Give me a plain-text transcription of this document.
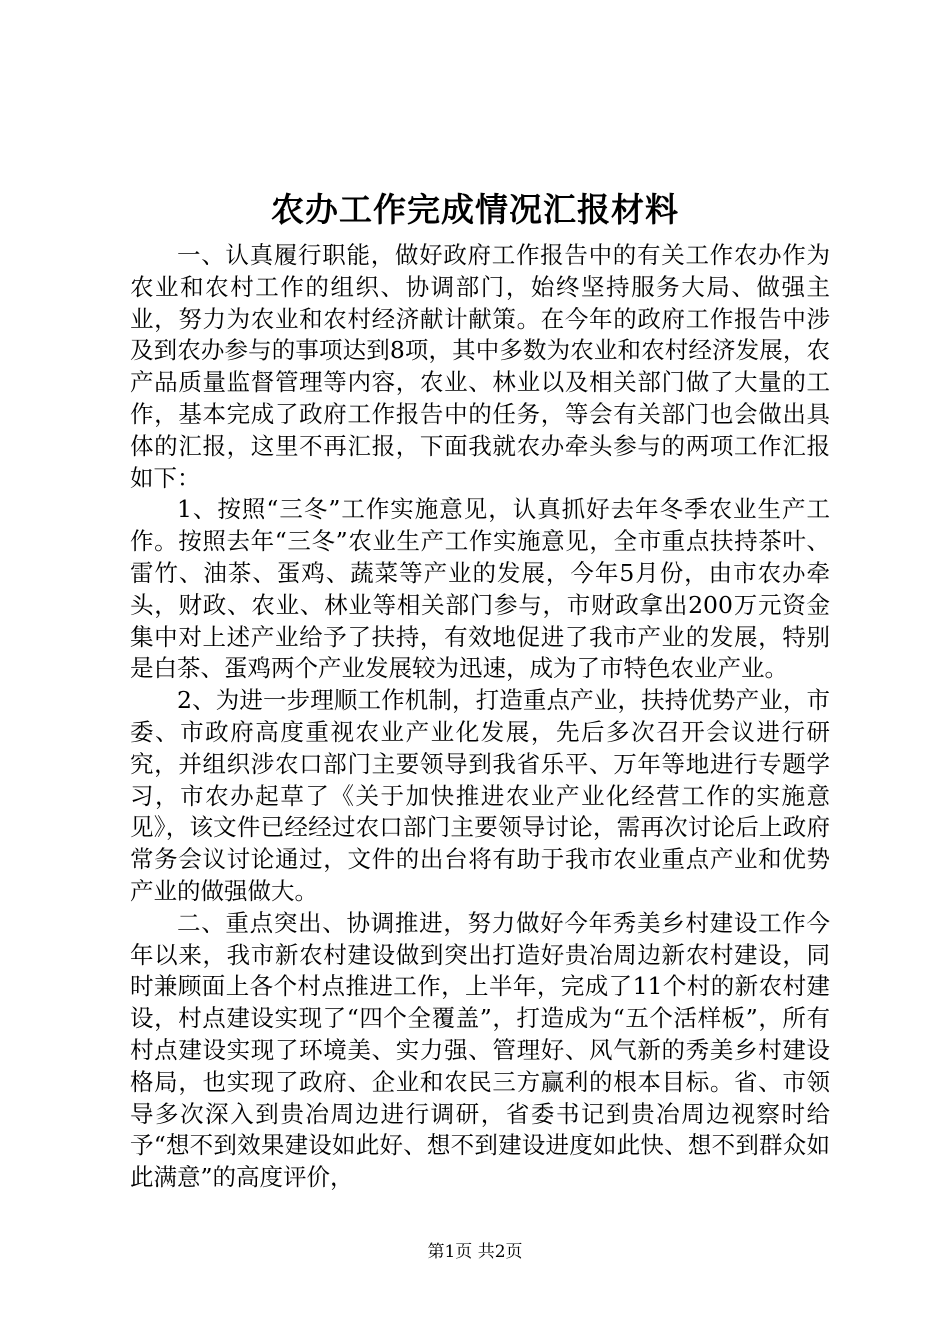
农办工作完成情况汇报材料

一、认真履行职能，做好政府工作报告中的有关工作农办作为农业和农村工作的组织、协调部门，始终坚持服务大局、做强主业，努力为农业和农村经济献计献策。在今年的政府工作报告中涉及到农办参与的事项达到8项，其中多数为农业和农村经济发展，农产品质量监督管理等内容，农业、林业以及相关部门做了大量的工作，基本完成了政府工作报告中的任务，等会有关部门也会做出具体的汇报，这里不再汇报，下面我就农办牵头参与的两项工作汇报如下：

1、按照“三冬”工作实施意见，认真抓好去年冬季农业生产工作。按照去年“三冬”农业生产工作实施意见，全市重点扶持茶叶、雷竹、油茶、蛋鸡、蔬菜等产业的发展，今年5月份，由市农办牵头，财政、农业、林业等相关部门参与，市财政拿出200万元资金集中对上述产业给予了扶持，有效地促进了我市产业的发展，特别是白茶、蛋鸡两个产业发展较为迅速，成为了市特色农业产业。

2、为进一步理顺工作机制，打造重点产业，扶持优势产业，市委、市政府高度重视农业产业化发展，先后多次召开会议进行研究，并组织涉农口部门主要领导到我省乐平、万年等地进行专题学习，市农办起草了《关于加快推进农业产业化经营工作的实施意见》，该文件已经经过农口部门主要领导讨论，需再次讨论后上政府常务会议讨论通过，文件的出台将有助于我市农业重点产业和优势产业的做强做大。

二、重点突出、协调推进，努力做好今年秀美乡村建设工作今年以来，我市新农村建设做到突出打造好贵冶周边新农村建设，同时兼顾面上各个村点推进工作，上半年，完成了11个村的新农村建设，村点建设实现了“四个全覆盖”，打造成为“五个活样板”，所有村点建设实现了环境美、实力强、管理好、风气新的秀美乡村建设格局，也实现了政府、企业和农民三方赢利的根本目标。省、市领导多次深入到贵冶周边进行调研，省委书记到贵冶周边视察时给予“想不到效果建设如此好、想不到建设进度如此快、想不到群众如此满意”的高度评价，

第1页 共2页
